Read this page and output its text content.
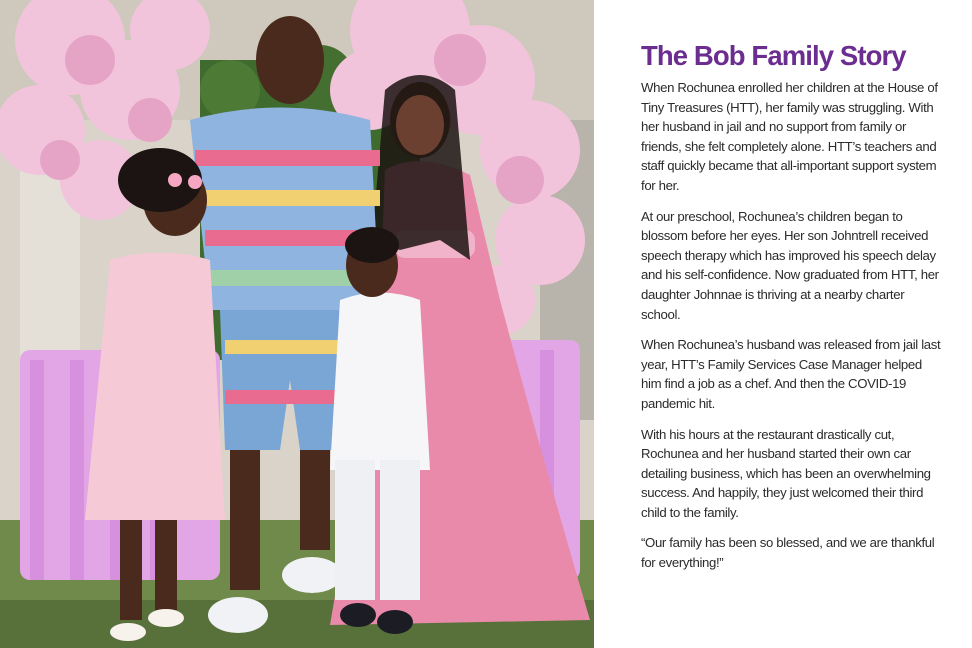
The Bob Family Story

When Rochunea enrolled her children at the House of Tiny Treasures (HTT), her family was struggling. With her husband in jail and no support from family or friends, she felt completely alone. HTT’s teachers and staff quickly became that all-important support system for her.

At our preschool, Rochunea’s children began to blossom before her eyes. Her son Johntrell received speech therapy which has improved his speech delay and his self-confidence. Now graduated from HTT, her daughter Johnnae is thriving at a nearby charter school.

When Rochunea’s husband was released from jail last year, HTT’s Family Services Case Manager helped him find a job as a chef. And then the COVID-19 pandemic hit.

With his hours at the restaurant drastically cut, Rochunea and her husband started their own car detailing business, which has been an overwhelming success. And happily, they just welcomed their third child to the family.

“Our family has been so blessed, and we are thankful for everything!”
